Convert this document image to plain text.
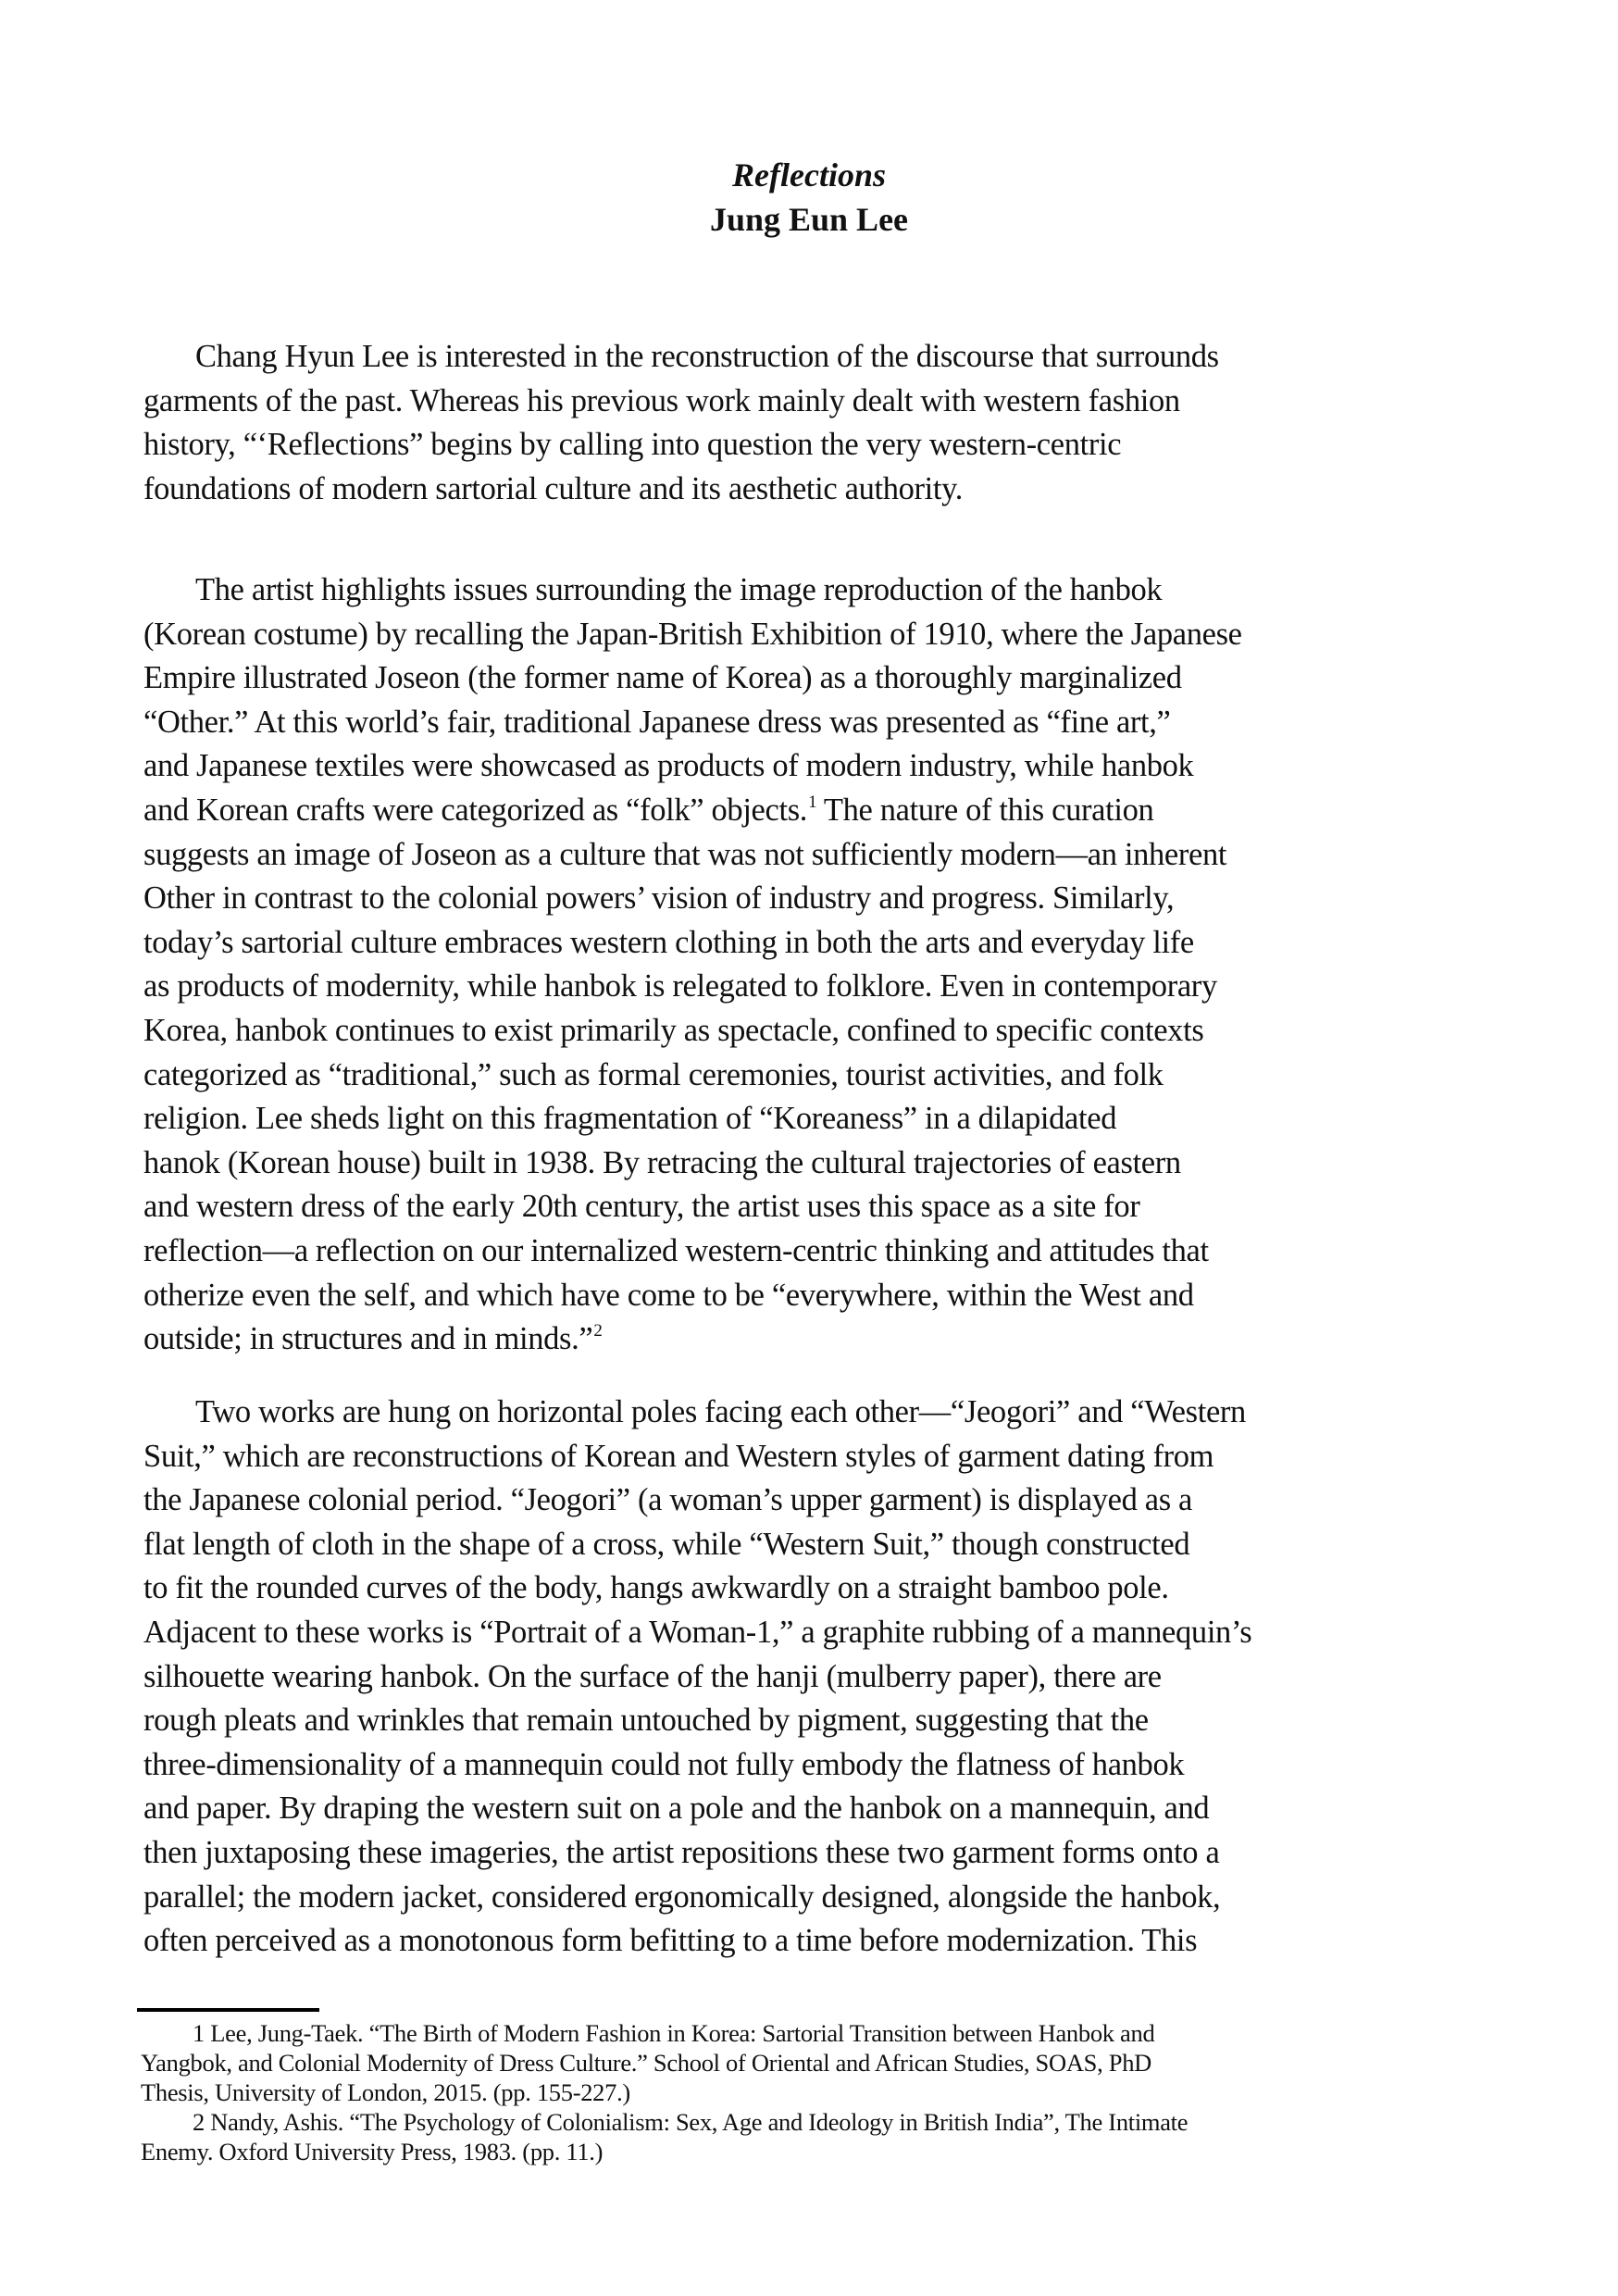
Reflections
Jung Eun Lee
Chang Hyun Lee is interested in the reconstruction of the discourse that surrounds
garments of the past. Whereas his previous work mainly dealt with western fashion
history, “‘Reflections” begins by calling into question the very western-centric
foundations of modern sartorial culture and its aesthetic authority.
The artist highlights issues surrounding the image reproduction of the hanbok
(Korean costume) by recalling the Japan-British Exhibition of 1910, where the Japanese
Empire illustrated Joseon (the former name of Korea) as a thoroughly marginalized
“Other.” At this world’s fair, traditional Japanese dress was presented as “fine art,”
and Japanese textiles were showcased as products of modern industry, while hanbok
and Korean crafts were categorized as “folk” objects.$^1$ The nature of this curation
suggests an image of Joseon as a culture that was not sufficiently modern—an inherent
Other in contrast to the colonial powers’ vision of industry and progress. Similarly,
today’s sartorial culture embraces western clothing in both the arts and everyday life
as products of modernity, while hanbok is relegated to folklore. Even in contemporary
Korea, hanbok continues to exist primarily as spectacle, confined to specific contexts
categorized as “traditional,” such as formal ceremonies, tourist activities, and folk
religion. Lee sheds light on this fragmentation of “Koreaness” in a dilapidated
hanok (Korean house) built in 1938. By retracing the cultural trajectories of eastern
and western dress of the early 20th century, the artist uses this space as a site for
reflection—a reflection on our internalized western-centric thinking and attitudes that
otherize even the self, and which have come to be “everywhere, within the West and
outside; in structures and in minds.”$^2$
Two works are hung on horizontal poles facing each other—“Jeogori” and “Western
Suit,” which are reconstructions of Korean and Western styles of garment dating from
the Japanese colonial period. “Jeogori” (a woman’s upper garment) is displayed as a
flat length of cloth in the shape of a cross, while “Western Suit,” though constructed
to fit the rounded curves of the body, hangs awkwardly on a straight bamboo pole.
Adjacent to these works is “Portrait of a Woman-1,” a graphite rubbing of a mannequin’s
silhouette wearing hanbok. On the surface of the hanji (mulberry paper), there are
rough pleats and wrinkles that remain untouched by pigment, suggesting that the
three-dimensionality of a mannequin could not fully embody the flatness of hanbok
and paper. By draping the western suit on a pole and the hanbok on a mannequin, and
then juxtaposing these imageries, the artist repositions these two garment forms onto a
parallel; the modern jacket, considered ergonomically designed, alongside the hanbok,
often perceived as a monotonous form befitting to a time before modernization. This
1 Lee, Jung-Taek. “The Birth of Modern Fashion in Korea: Sartorial Transition between Hanbok and
Yangbok, and Colonial Modernity of Dress Culture.” School of Oriental and African Studies, SOAS, PhD
Thesis, University of London, 2015. (pp. 155-227.)
2 Nandy, Ashis. “The Psychology of Colonialism: Sex, Age and Ideology in British India”, The Intimate
Enemy. Oxford University Press, 1983. (pp. 11.)
